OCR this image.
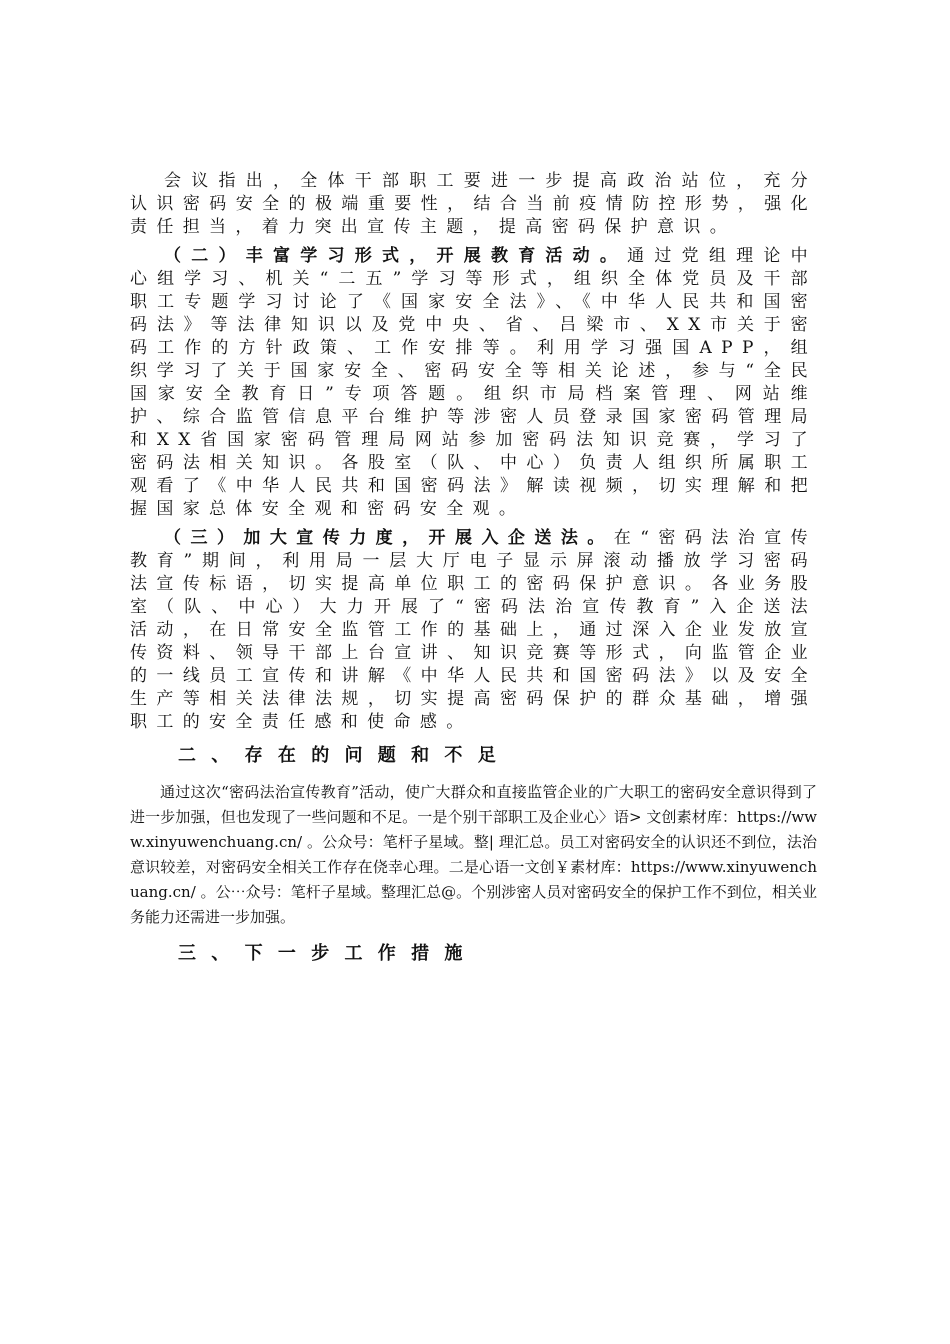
会议指出，全体干部职工要进一步提高政治站位，充分认识密码安全的极端重要性，结合当前疫情防控形势，强化责任担当，着力突出宣传主题，提高密码保护意识。

（二）丰富学习形式，开展教育活动。通过党组理论中心组学习、机关“二五”学习等形式，组织全体党员及干部职工专题学习讨论了《国家安全法》、《中华人民共和国密码法》等法律知识以及党中央、省、吕梁市、XX市关于密码工作的方针政策、工作安排等。利用学习强国APP，组织学习了关于国家安全、密码安全等相关论述，参与“全民国家安全教育日”专项答题。组织市局档案管理、网站维护、综合监管信息平台维护等涉密人员登录国家密码管理局和XX省国家密码管理局网站参加密码法知识竞赛，学习了密码法相关知识。各股室（队、中心）负责人组织所属职工观看了《中华人民共和国密码法》解读视频，切实理解和把握国家总体安全观和密码安全观。

（三）加大宣传力度，开展入企送法。在“密码法治宣传教育”期间，利用局一层大厅电子显示屏滚动播放学习密码法宣传标语，切实提高单位职工的密码保护意识。各业务股室（队、中心）大力开展了“密码法治宣传教育”入企送法活动，在日常安全监管工作的基础上，通过深入企业发放宣传资料、领导干部上台宣讲、知识竞赛等形式，向监管企业的一线员工宣传和讲解《中华人民共和国密码法》以及安全生产等相关法律法规，切实提高密码保护的群众基础，增强职工的安全责任感和使命感。

二、存在的问题和不足

通过这次“密码法治宣传教育”活动，使广大群众和直接监管企业的广大职工的密码安全意识得到了进一步加强，但也发现了一些问题和不足。一是个别干部职工及企业心〉语> 文创素材库：https://www.xinyuwenchuang.cn/ 。公众号：笔杆子星域。整| 理汇总。员工对密码安全的认识还不到位，法治意识较差，对密码安全相关工作存在侥幸心理。二是心语一文创￥素材库：https://www.xinyuwenchuang.cn/ 。公⋯众号：笔杆子星域。整理汇总@。个别涉密人员对密码安全的保护工作不到位，相关业务能力还需进一步加强。

三、下一步工作措施
